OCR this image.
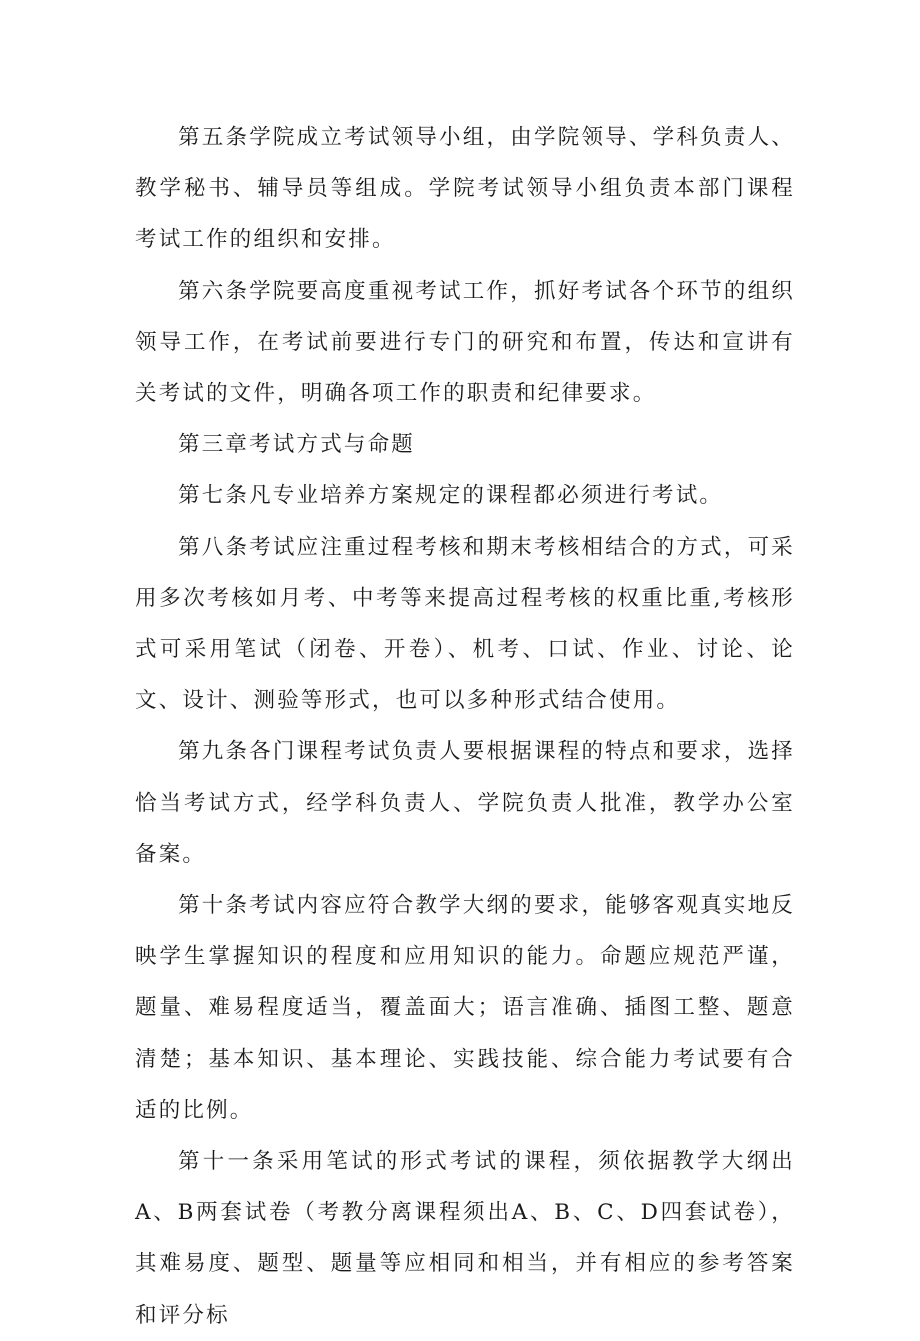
第五条学院成立考试领导小组，由学院领导、学科负责人、教学秘书、辅导员等组成。学院考试领导小组负责本部门课程考试工作的组织和安排。

第六条学院要高度重视考试工作，抓好考试各个环节的组织领导工作，在考试前要进行专门的研究和布置，传达和宣讲有关考试的文件，明确各项工作的职责和纪律要求。

第三章考试方式与命题

第七条凡专业培养方案规定的课程都必须进行考试。

第八条考试应注重过程考核和期末考核相结合的方式，可采用多次考核如月考、中考等来提高过程考核的权重比重,考核形式可采用笔试（闭卷、开卷）、机考、口试、作业、讨论、论文、设计、测验等形式，也可以多种形式结合使用。

第九条各门课程考试负责人要根据课程的特点和要求，选择恰当考试方式，经学科负责人、学院负责人批准，教学办公室备案。

第十条考试内容应符合教学大纲的要求，能够客观真实地反映学生掌握知识的程度和应用知识的能力。命题应规范严谨，题量、难易程度适当，覆盖面大；语言准确、插图工整、题意清楚；基本知识、基本理论、实践技能、综合能力考试要有合适的比例。

第十一条采用笔试的形式考试的课程，须依据教学大纲出A、B两套试卷（考教分离课程须出A、B、C、D四套试卷），其难易度、题型、题量等应相同和相当，并有相应的参考答案和评分标
